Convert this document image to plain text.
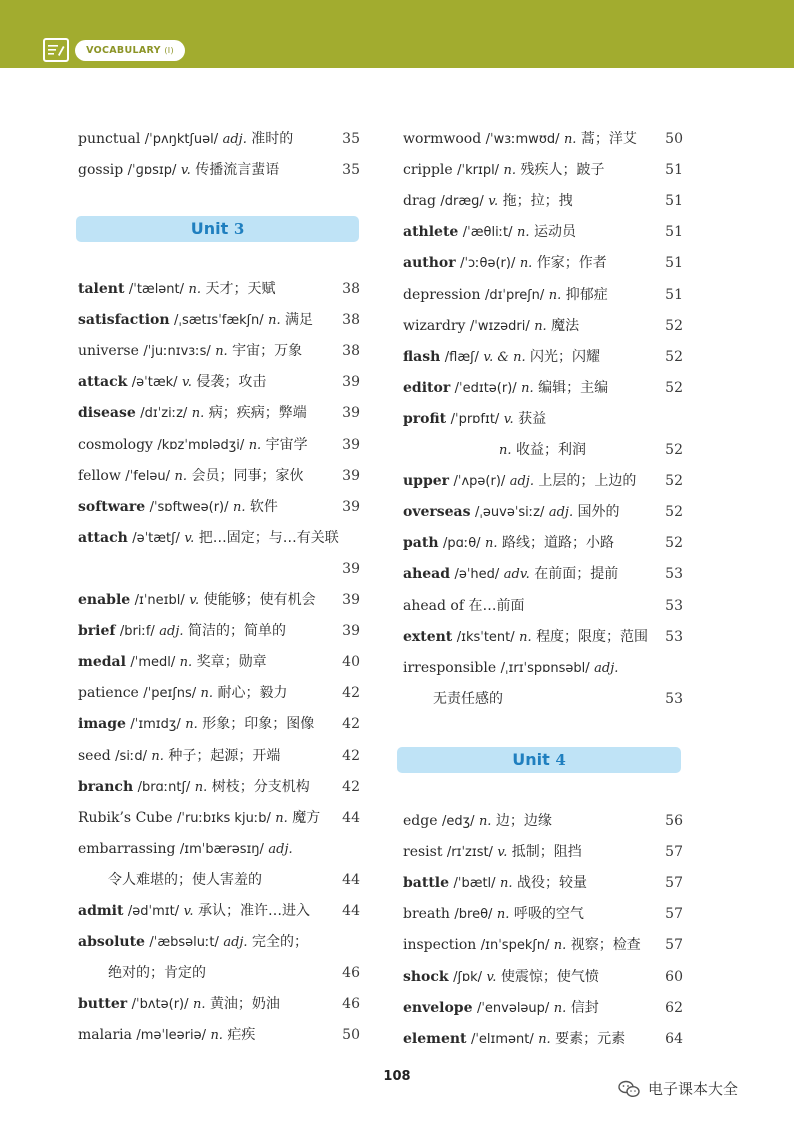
VOCABULARY (I)
punctual /ˈpʌŋktʃuəl/ adj. 准时的	35
gossip /ˈɡɒsɪp/ v. 传播流言蜚语	35
Unit 3
talent /ˈtælənt/ n. 天才；天赋	38
satisfaction /ˌsætɪsˈfækʃn/ n. 满足 38
universe /ˈjuːnɪvɜːs/ n. 宇宙；万象	38
attack /əˈtæk/ v. 侵袭；攻击	39
disease /dɪˈziːz/ n. 病；疾病；弊端	39
cosmology /kɒzˈmɒlədʒi/ n. 宇宙学 39
fellow /ˈfeləu/ n. 会员；同事；家伙	39
software /ˈsɒftweə(r)/ n. 软件	39
attach /əˈtætʃ/ v. 把…固定；与…有关联
39
enable /ɪˈneɪbl/ v. 使能够；使有机会 39
brief /briːf/ adj. 简洁的；简单的	39
medal /ˈmedl/ n. 奖章；勋章	40
patience /ˈpeɪʃns/ n. 耐心；毅力	42
image /ˈɪmɪdʒ/ n. 形象；印象；图像 42
seed /siːd/ n. 种子；起源；开端	42
branch /brɑːntʃ/ n. 树枝；分支机构 42
Rubik’s Cube /ˈruːbɪks kjuːb/ n. 魔方 44
embarrassing /ɪmˈbærəsɪŋ/ adj.
令人难堪的；使人害羞的	44
admit /ədˈmɪt/ v. 承认；准许…进入 44
absolute /ˈæbsəluːt/ adj. 完全的；
绝对的；肯定的	46
butter /ˈbʌtə(r)/ n. 黄油；奶油	46
malaria /məˈleəriə/ n. 疟疾	50
wormwood /ˈwɜːmwʊd/ n. 蒿；洋艾 50
cripple /ˈkrɪpl/ n. 残疾人；跛子	51
drag /dræɡ/ v. 拖；拉；拽	51
athlete /ˈæθliːt/ n. 运动员	51
author /ˈɔːθə(r)/ n. 作家；作者	51
depression /dɪˈpreʃn/ n. 抑郁症	51
wizardry /ˈwɪzədri/ n. 魔法	52
flash /flæʃ/ v. & n. 闪光；闪耀	52
editor /ˈedɪtə(r)/ n. 编辑；主编	52
profit /ˈprɒfɪt/ v. 获益
n. 收益；利润	52
upper /ˈʌpə(r)/ adj. 上层的；上边的 52
overseas /ˌəuvəˈsiːz/ adj. 国外的	52
path /pɑːθ/ n. 路线；道路；小路	52
ahead /əˈhed/ adv. 在前面；提前	53
ahead of 在…前面	53
extent /ɪksˈtent/ n. 程度；限度；范围 53
irresponsible /ˌɪrɪˈspɒnsəbl/ adj.
无责任感的	53
Unit 4
edge /edʒ/ n. 边；边缘	56
resist /rɪˈzɪst/ v. 抵制；阻挡	57
battle /ˈbætl/ n. 战役；较量	57
breath /breθ/ n. 呼吸的空气	57
inspection /ɪnˈspekʃn/ n. 视察；检查 57
shock /ʃɒk/ v. 使震惊；使气愤	60
envelope /ˈenvələup/ n. 信封	62
element /ˈelɪmənt/ n. 要素；元素	64
108
电子课本大全
